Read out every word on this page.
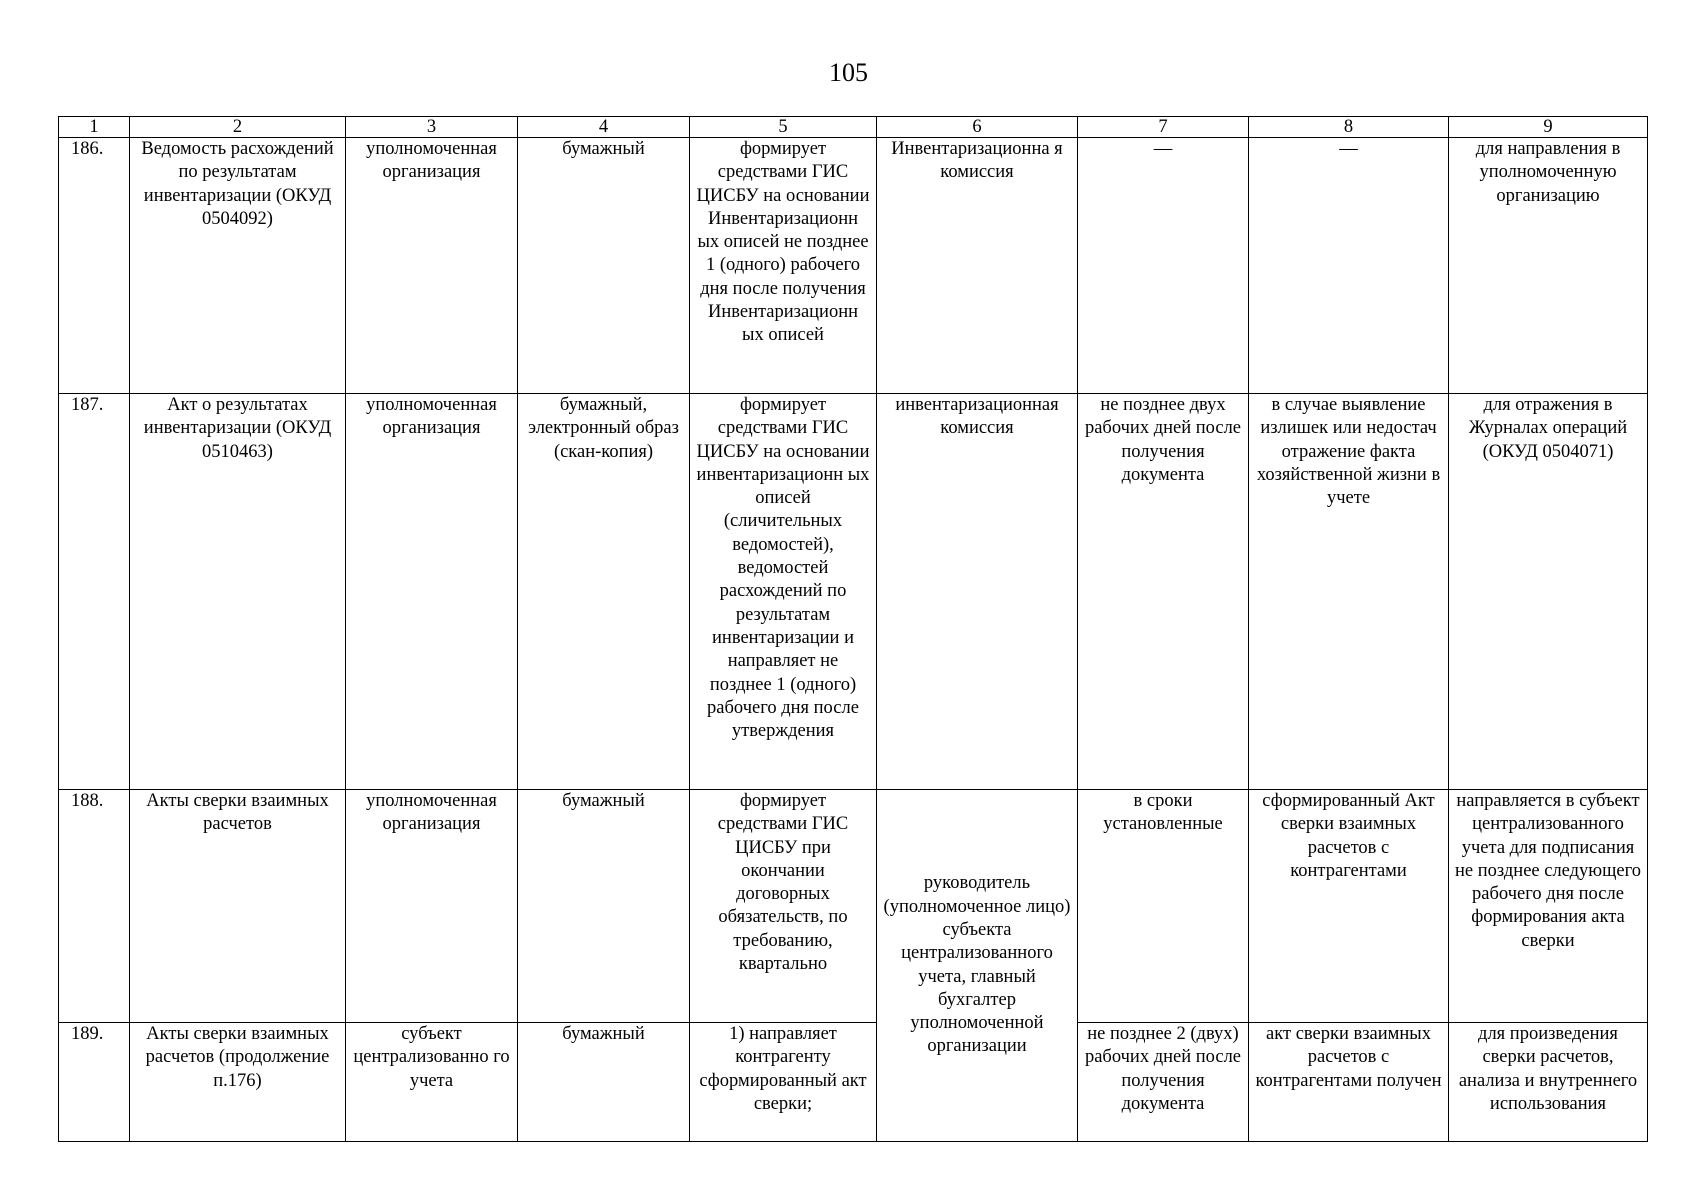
105
1	2	3	4	5	6	7	8	9
186.	Ведомость расхождений по результатам инвентаризации (ОКУД 0504092)	уполномоченная организация	бумажный	формирует средствами ГИС ЦИСБУ на основании Инвентаризационн ых описей не позднее 1 (одного) рабочего дня после получения Инвентаризационн ых описей	Инвентаризационна я комиссия	—	—	для направления в уполномоченную организацию
187.	Акт о результатах инвентаризации (ОКУД 0510463)	уполномоченная организация	бумажный, электронный образ (скан-копия)	формирует средствами ГИС ЦИСБУ на основании инвентаризационн ых описей (сличительных ведомостей), ведомостей расхождений по результатам инвентаризации и направляет не позднее 1 (одного) рабочего дня после утверждения	инвентаризационная комиссия	не позднее двух рабочих дней после получения документа	в случае выявление излишек или недостач отражение факта хозяйственной жизни в учете	для отражения в Журналах операций (ОКУД 0504071)
188.	Акты сверки взаимных расчетов	уполномоченная организация	бумажный	формирует средствами ГИС ЦИСБУ при окончании договорных обязательств, по требованию, квартально	руководитель (уполномоченное лицо) субъекта централизованного учета, главный бухгалтер уполномоченной организации	в сроки установленные	сформированный Акт сверки взаимных расчетов с контрагентами	направляется в субъект централизованного учета для подписания не позднее следующего рабочего дня после формирования акта сверки
189.	Акты сверки взаимных расчетов (продолжение п.176)	субъект централизованно го учета	бумажный	1) направляет контрагенту сформированный акт сверки;		не позднее 2 (двух) рабочих дней после получения документа	акт сверки взаимных расчетов с контрагентами получен	для произведения сверки расчетов, анализа и внутреннего использования
